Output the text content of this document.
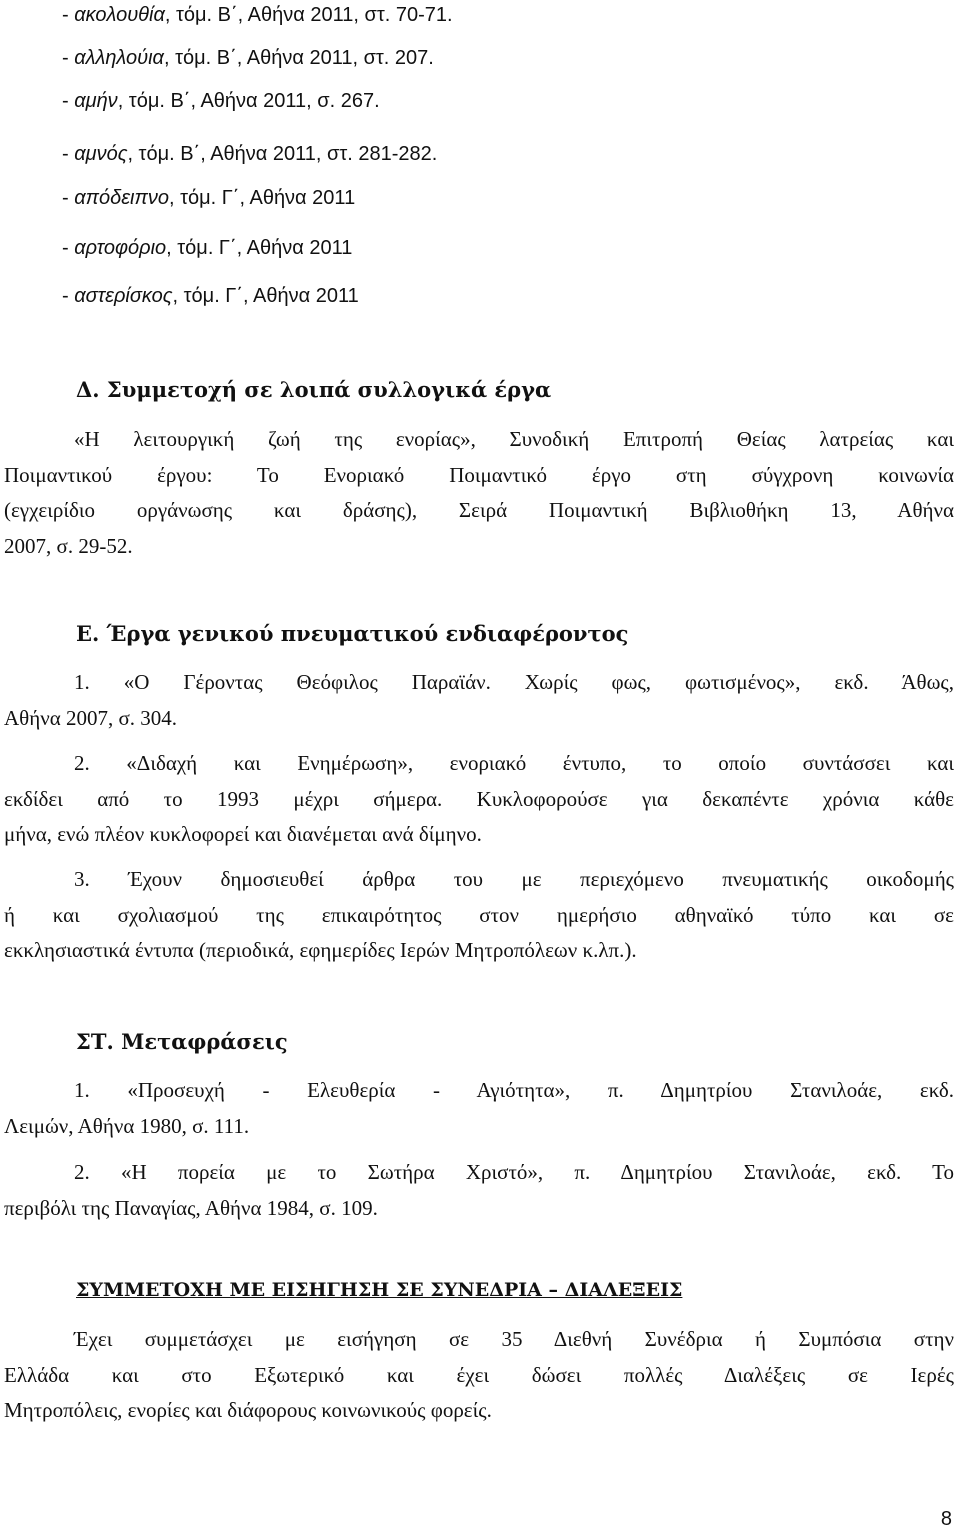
- ακολουθία, τόμ. Β΄, Αθήνα 2011, στ. 70-71.
- αλληλούια, τόμ. Β΄, Αθήνα 2011, στ. 207.
- αμήν, τόμ. Β΄, Αθήνα 2011, σ. 267.
- αμνός, τόμ. Β΄, Αθήνα 2011, στ. 281-282.
- απόδειπνο, τόμ. Γ΄, Αθήνα 2011
- αρτοφόριο, τόμ. Γ΄, Αθήνα 2011
- αστερίσκος, τόμ. Γ΄, Αθήνα 2011
Δ. Συμμετοχή σε λοιπά συλλογικά έργα
«Η λειτουργική ζωή της ενορίας», Συνοδική Επιτροπή Θείας λατρείας και
Ποιμαντικού έργου: Το Ενοριακό Ποιμαντικό έργο στη σύγχρονη κοινωνία
(εγχειρίδιο οργάνωσης και δράσης), Σειρά Ποιμαντική Βιβλιοθήκη 13, Αθήνα
2007, σ. 29-52.
Ε. Έργα γενικού πνευματικού ενδιαφέροντος
1. «Ο Γέροντας Θεόφιλος Παραϊάν. Χωρίς φως, φωτισμένος», εκδ. Άθως,
Αθήνα 2007, σ. 304.
2. «Διδαχή και Ενημέρωση», ενοριακό έντυπο, το οποίο συντάσσει και
εκδίδει από το 1993 μέχρι σήμερα. Κυκλοφορούσε για δεκαπέντε χρόνια κάθε
μήνα, ενώ πλέον κυκλοφορεί και διανέμεται ανά δίμηνο.
3. Έχουν δημοσιευθεί άρθρα του με περιεχόμενο πνευματικής οικοδομής
ή και σχολιασμού της επικαιρότητος στον ημερήσιο αθηναϊκό τύπο και σε
εκκλησιαστικά έντυπα (περιοδικά, εφημερίδες Ιερών Μητροπόλεων κ.λπ.).
ΣΤ. Μεταφράσεις
1. «Προσευχή - Ελευθερία - Αγιότητα», π. Δημητρίου Στανιλοάε, εκδ.
Λειμών, Αθήνα 1980, σ. 111.
2. «Η πορεία με το Σωτήρα Χριστό», π. Δημητρίου Στανιλοάε, εκδ. Το
περιβόλι της Παναγίας, Αθήνα 1984, σ. 109.
ΣΥΜΜΕΤΟΧΗ ΜΕ ΕΙΣΗΓΗΣΗ ΣΕ ΣΥΝΕΔΡΙΑ – ΔΙΑΛΕΞΕΙΣ
Έχει συμμετάσχει με εισήγηση σε 35 Διεθνή Συνέδρια ή Συμπόσια στην
Ελλάδα και στο Εξωτερικό και έχει δώσει πολλές Διαλέξεις σε Ιερές
Μητροπόλεις, ενορίες και διάφορους κοινωνικούς φορείς.
8
